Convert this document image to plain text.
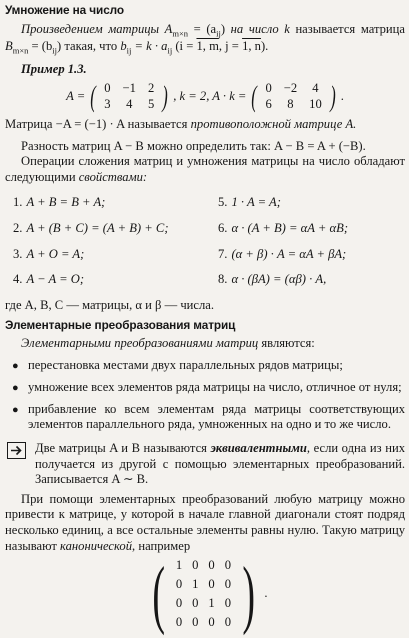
Умножение на число

Произведением матрицы $A_{m\times n} = (a_{ij})$ на число k называется матрица $B_{m\times n} = (b_{ij})$ такая, что $b_{ij} = k \cdot a_{ij}$ (i = 1, m, j = 1, n).

Пример 1.3.
A = ( 0	−1	2
3	4	5 ) , k = 2, A · k = ( 0	−2	4
6	8	10 ) .

Матрица −A = (−1) · A называется противоположной матрице A.

Разность матриц A − B можно определить так: A − B = A + (−B).

Операции сложения матриц и умножения матрицы на число обладают следующими свойствами:

1. A + B = B + A;	5. 1 · A = A;
2. A + (B + C) = (A + B) + C;	6. α · (A + B) = αA + αB;
3. A + O = A;	7. (α + β) · A = αA + βA;
4. A − A = O;	8. α · (βA) = (αβ) · A,

где A, B, C — матрицы, α и β — числа.

Элементарные преобразования матриц

Элементарными преобразованиями матриц являются:

● перестановка местами двух параллельных рядов матрицы;
● умножение всех элементов ряда матрицы на число, отличное от нуля;
● прибавление ко всем элементам ряда матрицы соответствующих элементов параллельного ряда, умноженных на одно и то же число.
Две матрицы A и B называются эквивалентными, если одна из них получается из другой с помощью элементарных преобразований. Записывается A ∼ B.

При помощи элементарных преобразований любую матрицу можно привести к матрице, у которой в начале главной диагонали стоят подряд несколько единиц, а все остальные элементы равны нулю. Такую матрицу называют канонической, например

( 1	0	0	0
0	1	0	0
0	0	1	0
0	0	0	0 ) .
